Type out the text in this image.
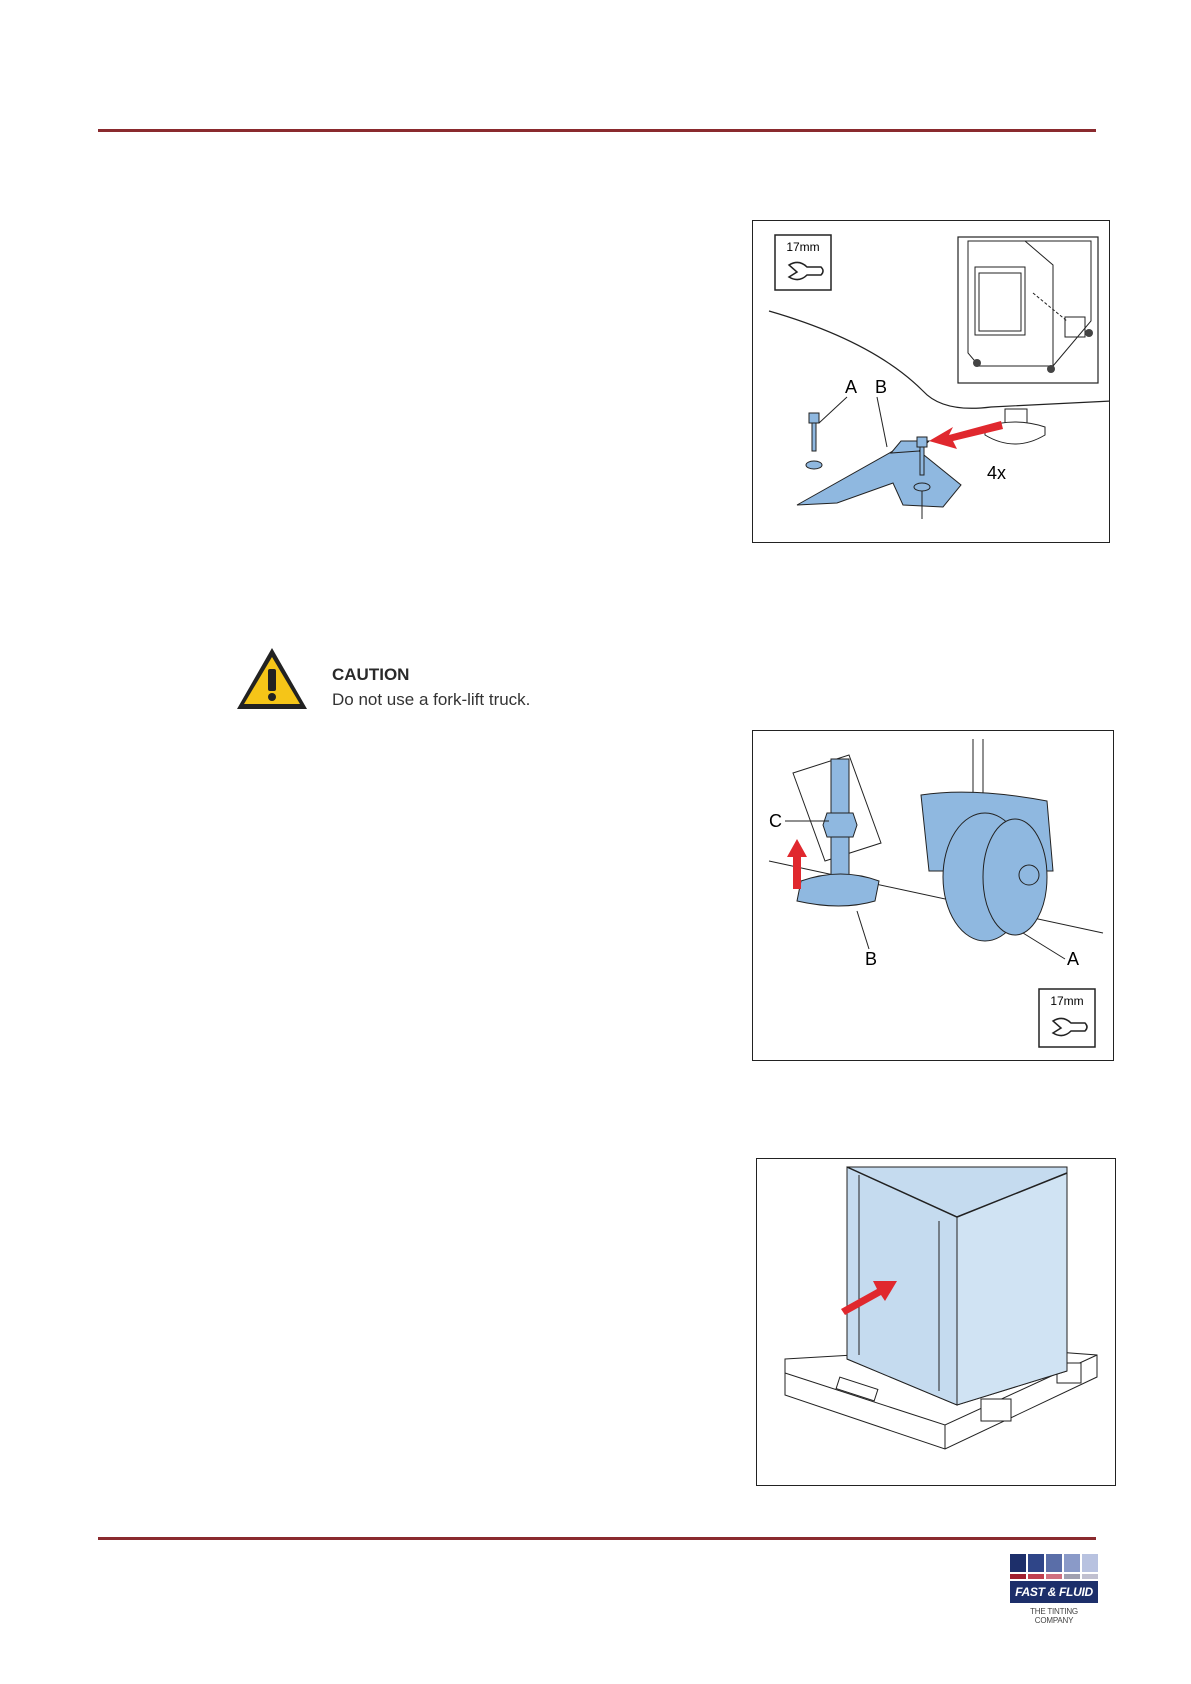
17mm
A B
4x
CAUTION
Do not use a fork-lift truck.
C
B	A
17mm
FAST & FLUID
THE TINTING COMPANY
